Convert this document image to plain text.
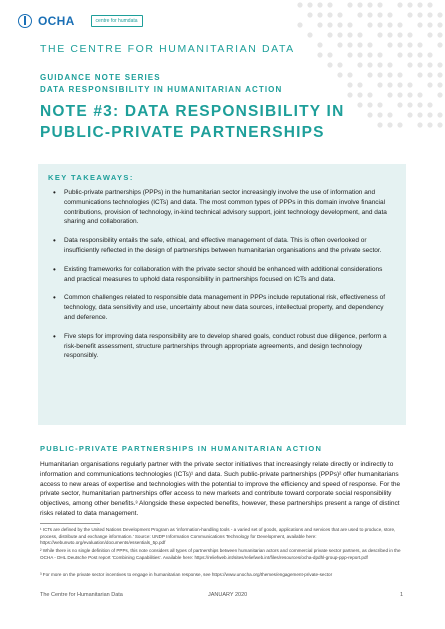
OCHA	centre for humdata
THE CENTRE FOR HUMANITARIAN DATA
GUIDANCE NOTE SERIES
DATA RESPONSIBILITY IN HUMANITARIAN ACTION
NOTE #3: DATA RESPONSIBILITY IN
PUBLIC-PRIVATE PARTNERSHIPS
KEY TAKEAWAYS:
• Public-private partnerships (PPPs) in the humanitarian sector increasingly involve the use of information and communications technologies (ICTs) and data. The most common types of PPPs in this domain involve financial contributions, provision of technology, in-kind technical advisory support, joint technology development, and data sharing and collaboration.
• Data responsibility entails the safe, ethical, and effective management of data. This is often overlooked or insufficiently reflected in the design of partnerships between humanitarian organisations and the private sector.
• Existing frameworks for collaboration with the private sector should be enhanced with additional considerations and practical measures to uphold data responsibility in partnerships focused on ICTs and data.
• Common challenges related to responsible data management in PPPs include reputational risk, effectiveness of technology, data sensitivity and use, uncertainty about new data sources, intellectual property, and dependency and deference.
• Five steps for improving data responsibility are to develop shared goals, conduct robust due diligence, perform a risk-benefit assessment, structure partnerships through appropriate agreements, and design technology responsibly.
PUBLIC-PRIVATE PARTNERSHIPS IN HUMANITARIAN ACTION
Humanitarian organisations regularly partner with the private sector initiatives that increasingly relate directly or indirectly to information and communications technologies (ICTs)¹ and data. Such public-private partnerships (PPPs)² offer humanitarians access to new areas of expertise and technologies with the potential to improve the efficiency and speed of response. For the private sector, humanitarian partnerships offer access to new markets and contribute toward corporate social responsibility objectives, among other benefits.³ Alongside these expected benefits, however, these partnerships present a range of distinct risks related to data management.
¹ ICTs are defined by the United Nations Development Program as 'information-handling tools - a varied set of goods, applications and services that are used to produce, store, process, distribute and exchange information.' Source: UNDP Information Communications Technology for Development, available here: https://webunwto.org/evaluation/documents/essentials_5p.pdf
² While there is no single definition of PPPs, this note considers all types of partnerships between humanitarian actors and commercial private sector partners, as described in the OCHA - DHL Deutsche Post report 'Combining Capabilities'. Available here: https://reliefweb.int/sites/reliefweb.int/files/resources/ocha-dpdhl-group-ppp-report.pdf
³ For more on the private sector incentives to engage in humanitarian response, see https://www.unocha.org/themes/engagement-private-sector
The Centre for Humanitarian Data	JANUARY 2020	1
